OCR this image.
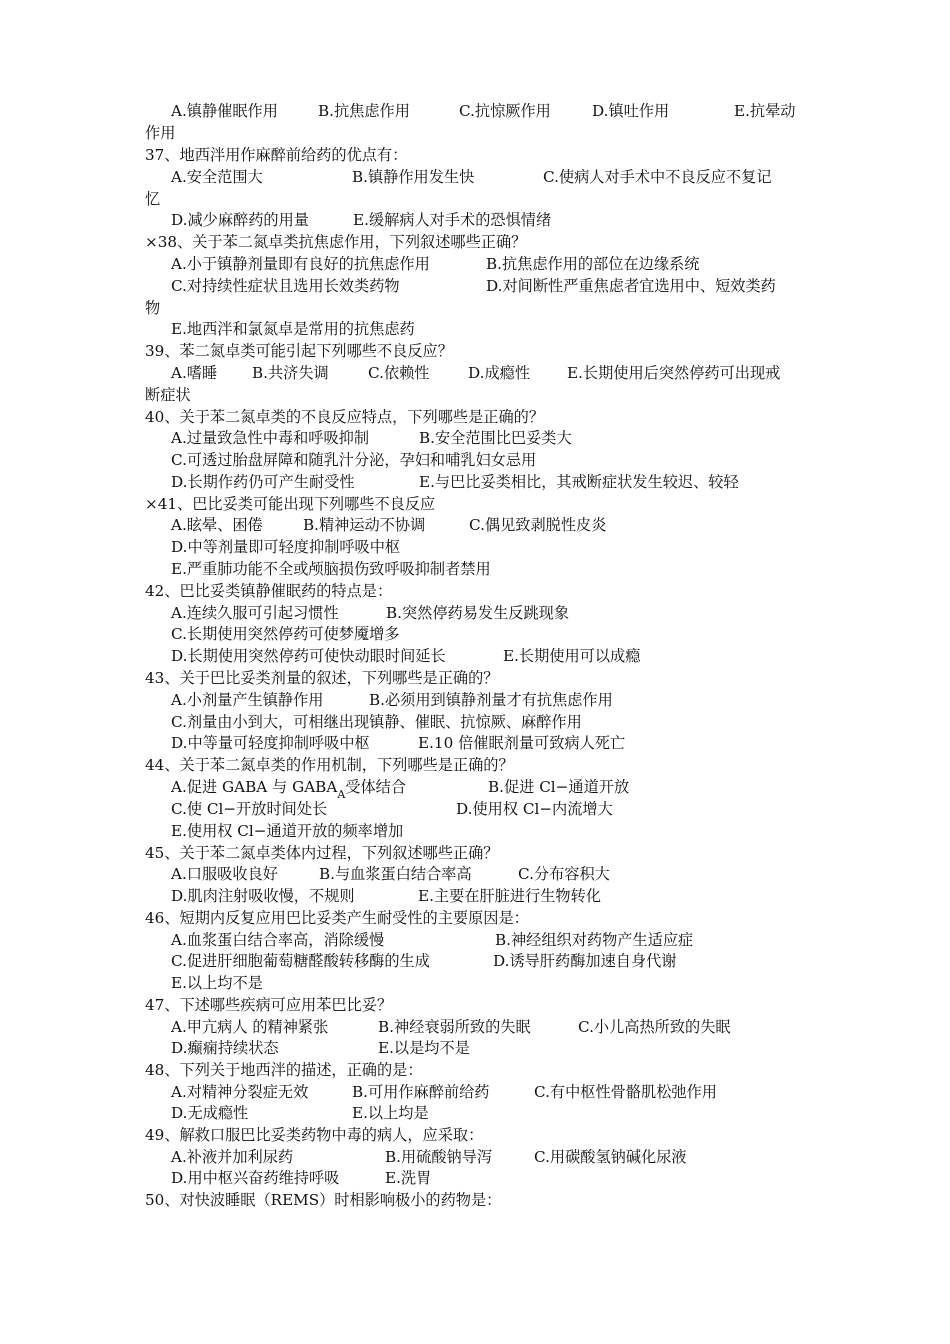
A.镇静催眠作用	B.抗焦虑作用	C.抗惊厥作用	D.镇吐作用	E.抗晕动
作用
37、地西泮用作麻醉前给药的优点有：
A.安全范围大	B.镇静作用发生快	C.使病人对手术中不良反应不复记
忆
D.减少麻醉药的用量	E.缓解病人对手术的恐惧情绪
×38、关于苯二氮卓类抗焦虑作用，下列叙述哪些正确？
A.小于镇静剂量即有良好的抗焦虑作用	B.抗焦虑作用的部位在边缘系统
C.对持续性症状且选用长效类药物	D.对间断性严重焦虑者宜选用中、短效类药
物
E.地西泮和氯氮卓是常用的抗焦虑药
39、苯二氮卓类可能引起下列哪些不良反应？
A.嗜睡 B.共济失调	C.依赖性	D.成瘾性 E.长期使用后突然停药可出现戒
断症状
40、关于苯二氮卓类的不良反应特点，下列哪些是正确的？
A.过量致急性中毒和呼吸抑制	B.安全范围比巴妥类大
C.可透过胎盘屏障和随乳汁分泌，孕妇和哺乳妇女忌用
D.长期作药仍可产生耐受性	E.与巴比妥类相比，其戒断症状发生较迟、较轻
×41、巴比妥类可能出现下列哪些不良反应
A.眩晕、困倦	B.精神运动不协调	C.偶见致剥脱性皮炎
D.中等剂量即可轻度抑制呼吸中枢
E.严重肺功能不全或颅脑损伤致呼吸抑制者禁用
42、巴比妥类镇静催眠药的特点是：
A.连续久服可引起习惯性	B.突然停药易发生反跳现象
C.长期使用突然停药可使梦魇增多
D.长期使用突然停药可使快动眼时间延长	E.长期使用可以成瘾
43、关于巴比妥类剂量的叙述，下列哪些是正确的？
A.小剂量产生镇静作用	B.必须用到镇静剂量才有抗焦虑作用
C.剂量由小到大，可相继出现镇静、催眠、抗惊厥、麻醉作用
D.中等量可轻度抑制呼吸中枢	E.10 倍催眠剂量可致病人死亡
44、关于苯二氮卓类的作用机制，下列哪些是正确的？
A.促进 GABA 与 $GABA_A$受体结合	B.促进 Cl−通道开放
C.使 Cl−开放时间处长	D.使用权 Cl−内流增大
E.使用权 Cl−通道开放的频率增加
45、关于苯二氮卓类体内过程，下列叙述哪些正确？
A.口服吸收良好	B.与血浆蛋白结合率高	C.分布容积大
D.肌肉注射吸收慢，不规则	E.主要在肝脏进行生物转化
46、短期内反复应用巴比妥类产生耐受性的主要原因是：
A.血浆蛋白结合率高，消除缓慢	B.神经组织对药物产生适应症
C.促进肝细胞葡萄糖醛酸转移酶的生成	D.诱导肝药酶加速自身代谢
E.以上均不是
47、下述哪些疾病可应用苯巴比妥？
A.甲亢病人 的精神紧张	B.神经衰弱所致的失眠	C.小儿高热所致的失眠
D.癫痫持续状态	E.以是均不是
48、下列关于地西泮的描述，正确的是：
A.对精神分裂症无效	B.可用作麻醉前给药	C.有中枢性骨骼肌松弛作用
D.无成瘾性	E.以上均是
49、解救口服巴比妥类药物中毒的病人，应采取：
A.补液并加利尿药	B.用硫酸钠导泻	C.用碳酸氢钠碱化尿液
D.用中枢兴奋药维持呼吸	E.洗胃
50、对快波睡眠（REMS）时相影响极小的药物是：
